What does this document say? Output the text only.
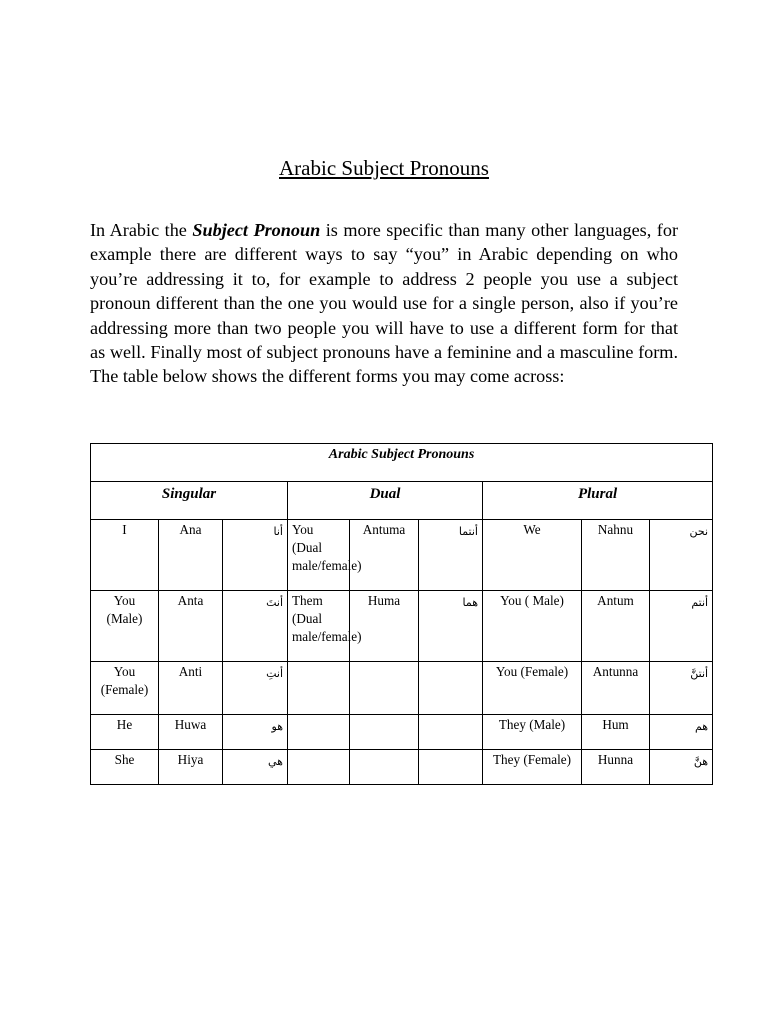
Arabic Subject Pronouns

In Arabic the Subject Pronoun is more specific than many other languages, for example there are different ways to say “you” in Arabic depending on who you’re addressing it to, for example to address 2 people you use a subject pronoun different than the one you would use for a single person, also if you’re addressing more than two people you will have to use a different form for that as well. Finally most of subject pronouns have a feminine and a masculine form. The table below shows the different forms you may come across:

Arabic Subject Pronouns								
Singular			Dual			Plural		
I	Ana	أنا	You (Dual male/female)	Antuma	أنتما	We	Nahnu	نحن
You (Male)	Anta	أنتَ	Them (Dual male/female)	Huma	هما	You ( Male)	Antum	أنتم
You (Female)	Anti	أنتِ				You (Female)	Antunna	أنتنَّ
He	Huwa	هو				They (Male)	Hum	هم
She	Hiya	هي				They (Female)	Hunna	هنَّ
